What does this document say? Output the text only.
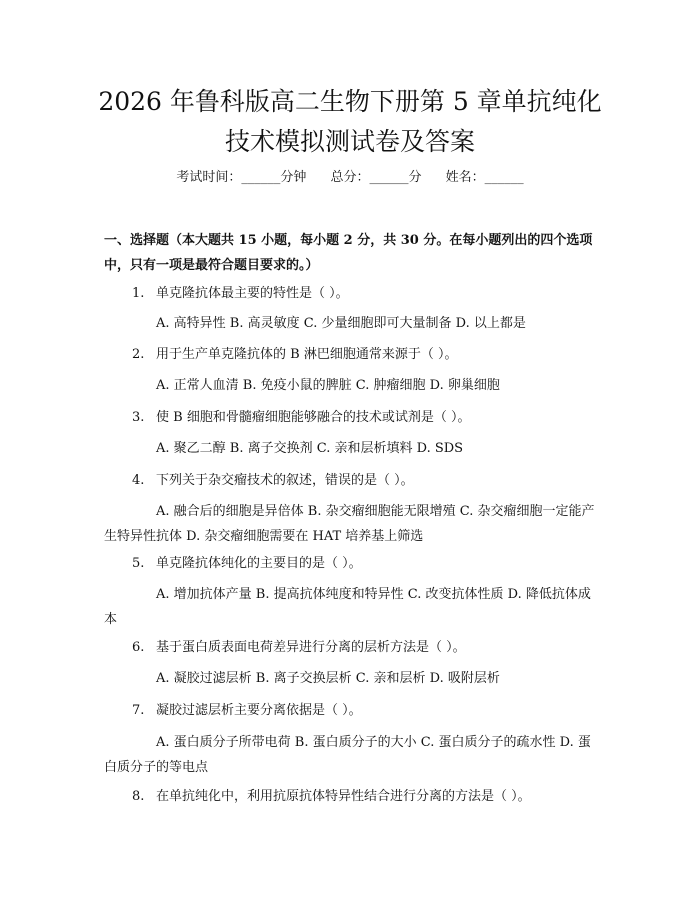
2026 年鲁科版高二生物下册第 5 章单抗纯化
技术模拟测试卷及答案
考试时间：______分钟 总分：______分 姓名：______
一、选择题（本大题共 15 小题，每小题 2 分，共 30 分。在每小题列出的四个选项中，只有一项是最符合题目要求的。）
1. 单克隆抗体最主要的特性是（ ）。
A. 高特异性 B. 高灵敏度 C. 少量细胞即可大量制备 D. 以上都是
2. 用于生产单克隆抗体的 B 淋巴细胞通常来源于（ ）。
A. 正常人血清 B. 免疫小鼠的脾脏 C. 肿瘤细胞 D. 卵巢细胞
3. 使 B 细胞和骨髓瘤细胞能够融合的技术或试剂是（ ）。
A. 聚乙二醇 B. 离子交换剂 C. 亲和层析填料 D. SDS
4. 下列关于杂交瘤技术的叙述，错误的是（ ）。
A. 融合后的细胞是异倍体 B. 杂交瘤细胞能无限增殖 C. 杂交瘤细胞一定能产生特异性抗体 D. 杂交瘤细胞需要在 HAT 培养基上筛选
5. 单克隆抗体纯化的主要目的是（ ）。
A. 增加抗体产量 B. 提高抗体纯度和特异性 C. 改变抗体性质 D. 降低抗体成本
6. 基于蛋白质表面电荷差异进行分离的层析方法是（ ）。
A. 凝胶过滤层析 B. 离子交换层析 C. 亲和层析 D. 吸附层析
7. 凝胶过滤层析主要分离依据是（ ）。
A. 蛋白质分子所带电荷 B. 蛋白质分子的大小 C. 蛋白质分子的疏水性 D. 蛋白质分子的等电点
8. 在单抗纯化中，利用抗原抗体特异性结合进行分离的方法是（ ）。
